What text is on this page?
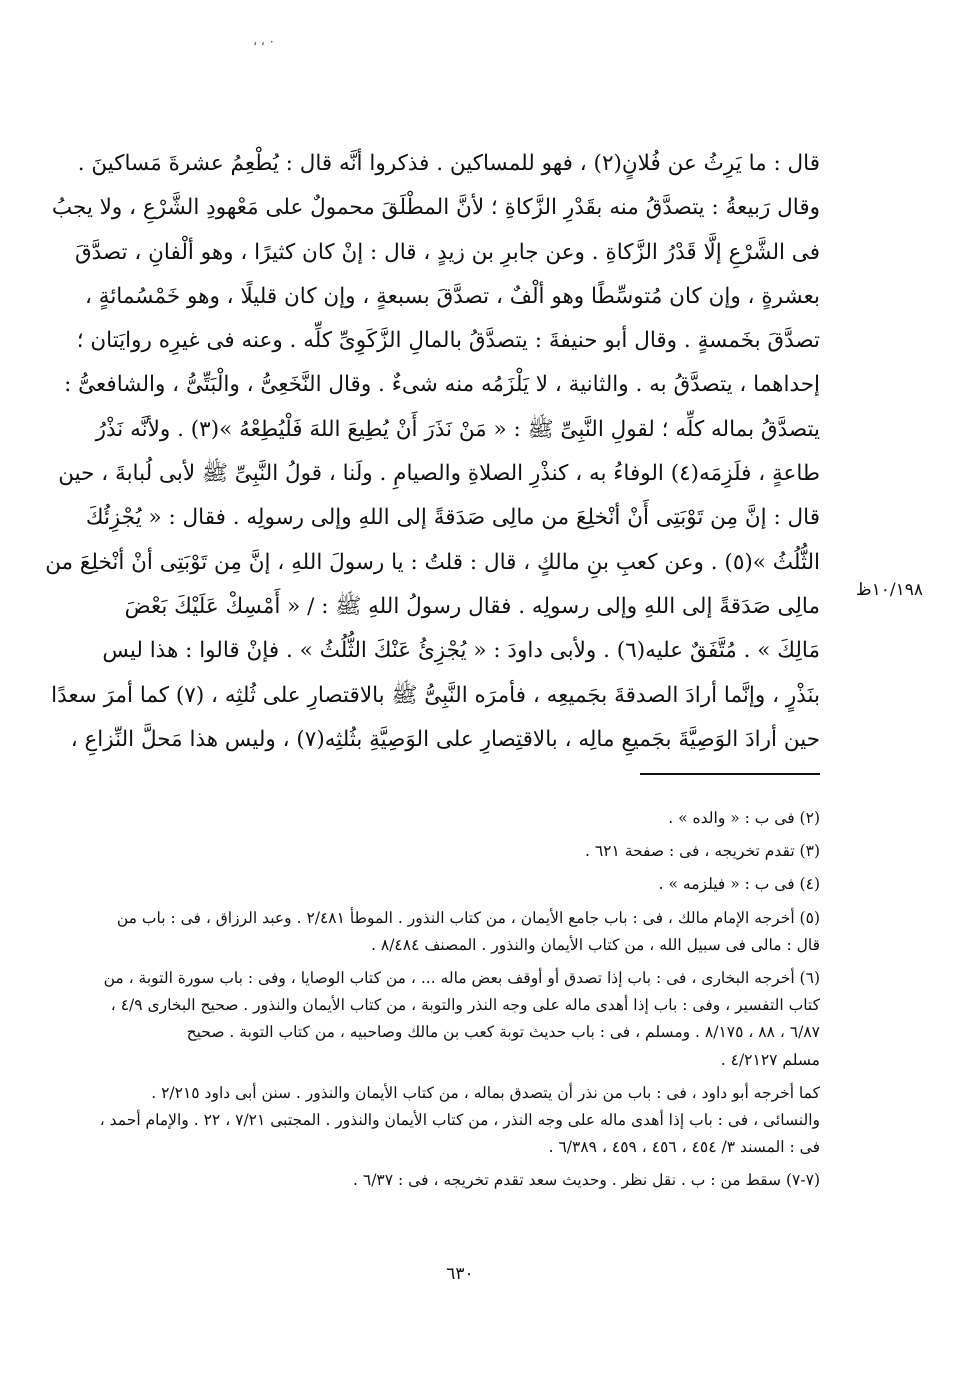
٠ ، ،
١٠/١٩٨ظ
قال : ما يَرِثُ عن فُلانٍ(٢) ، فهو للمساكين . فذكروا أنَّه قال : يُطْعِمُ عشرةَ مَساكينَ .
وقال رَبيعةُ : يتصدَّقُ منه بقَدْرِ الزَّكاةِ ؛ لأنَّ المطْلَقَ محمولٌ على مَعْهودِ الشَّرْعِ ، ولا يجبُ
فى الشَّرْعِ إلَّا قَدْرُ الزَّكاةِ . وعن جابرِ بن زيدٍ ، قال : إنْ كان كثيرًا ، وهو ألْفانِ ، تصدَّقَ
بعشرةٍ ، وإن كان مُتوسِّطًا وهو ألْفٌ ، تصدَّقَ بسبعةٍ ، وإن كان قليلًا ، وهو خَمْسُمائةٍ ،
تصدَّقَ بخَمسةٍ . وقال أبو حنيفةَ : يتصدَّقُ بالمالِ الزَّكَوِىِّ كلِّه . وعنه فى غيرِه روايَتان ؛
إحداهما ، يتصدَّقُ به . والثانية ، لا يَلْزَمُه منه شىءٌ . وقال النَّخَعِىُّ ، والْبَتِّىُّ ، والشافعىُّ :
يتصدَّقُ بماله كلِّه ؛ لقولِ النَّبِىِّ ﷺ : « مَنْ نَذَرَ أَنْ يُطِيعَ اللهَ فَلْيُطِعْهُ »(٣) . ولأنَّه نَذْرُ
طاعةٍ ، فلَزِمَه(٤) الوفاءُ به ، كنذْرِ الصلاةِ والصيامِ . ولَنا ، قولُ النَّبِىِّ ﷺ لأبى لُبابةَ ، حين
قال : إنَّ مِن تَوْبَتِى أَنْ أنْخلِعَ من مالِى صَدَقةً إلى اللهِ وإلى رسولِه . فقال : « يُجْزِئُكَ
الثُّلُثُ »(٥) . وعن كعبِ بنِ مالكٍ ، قال : قلتُ : يا رسولَ اللهِ ، إنَّ مِن تَوْبَتِى أنْ أنْخلِعَ من
مالِى صَدَقةً إلى اللهِ وإلى رسولِه . فقال رسولُ اللهِ ﷺ : / « أَمْسِكْ عَلَيْكَ بَعْضَ
مَالِكَ » . مُتَّفَقٌ عليه(٦) . ولأبى داودَ : « يُجْزِئُ عَنْكَ الثُّلُثُ » . فإنْ قالوا : هذا ليس
بنَذْرٍ ، وإنَّما أرادَ الصدقةَ بجَميعِه ، فأمرَه النَّبِىُّ ﷺ بالاقتصارِ على ثُلثِه ، (٧) كما أمرَ سعدًا
حين أرادَ الوَصِيَّةَ بجَميعِ مالِه ، بالاقتِصارِ على الوَصِيَّةِ بثُلثِه(٧) ، وليس هذا مَحلَّ النِّزاعِ ،
(٢) فى ب : « والده » .
(٣) تقدم تخريجه ، فى : صفحة ٦٢١ .
(٤) فى ب : « فيلزمه » .
(٥) أخرجه الإمام مالك ، فى : باب جامع الأيمان ، من كتاب النذور . الموطأ ٢/٤٨١ . وعبد الرزاق ، فى : باب من
قال : مالى فى سبيل الله ، من كتاب الأيمان والنذور . المصنف ٨/٤٨٤ .
(٦) أخرجه البخارى ، فى : باب إذا تصدق أو أوقف بعض ماله ... ، من كتاب الوصايا ، وفى : باب سورة التوبة ، من
كتاب التفسير ، وفى : باب إذا أهدى ماله على وجه النذر والتوبة ، من كتاب الأيمان والنذور . صحيح البخارى ٤/٩ ،
٦/٨٧ ، ٨٨ ، ٨/١٧٥ . ومسلم ، فى : باب حديث توبة كعب بن مالك وصاحبيه ، من كتاب التوبة . صحيح
مسلم ٤/٢١٢٧ .
كما أخرجه أبو داود ، فى : باب من نذر أن يتصدق بماله ، من كتاب الأيمان والنذور . سنن أبى داود ٢/٢١٥ .
والنسائى ، فى : باب إذا أهدى ماله على وجه النذر ، من كتاب الأيمان والنذور . المجتبى ٧/٢١ ، ٢٢ . والإمام أحمد ،
فى : المسند ٣/ ٤٥٤ ، ٤٥٦ ، ٤٥٩ ، ٦/٣٨٩ .
(٧-٧) سقط من : ب . نقل نظر . وحديث سعد تقدم تخريجه ، فى : ٦/٣٧ .
٦٣٠
